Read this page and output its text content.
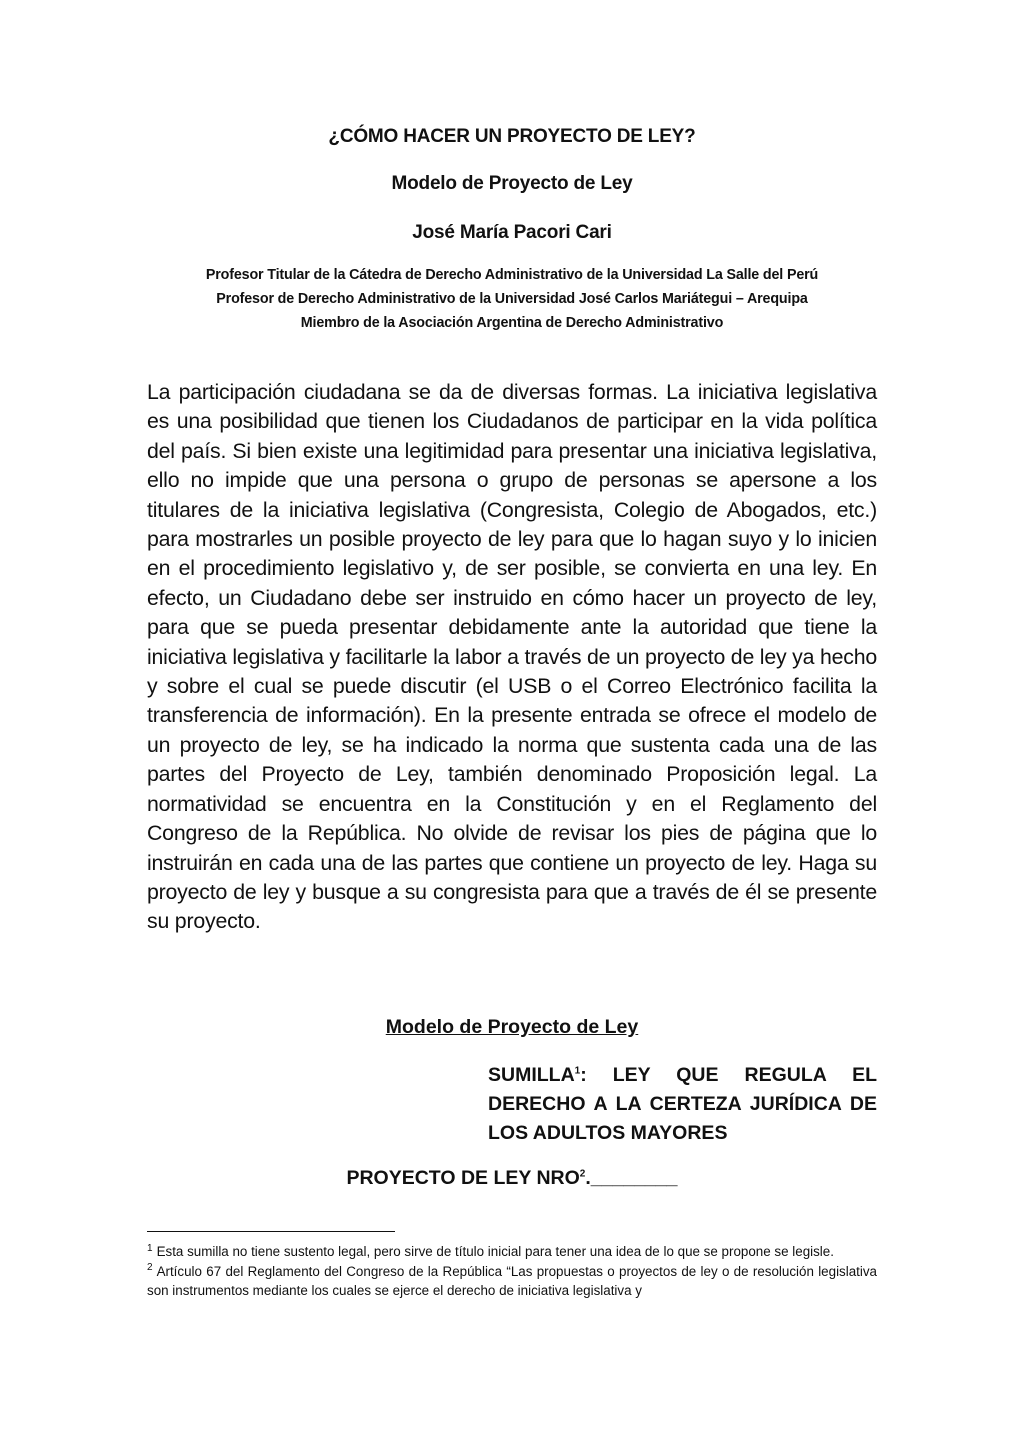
¿CÓMO HACER UN PROYECTO DE LEY?
Modelo de Proyecto de Ley
José María Pacori Cari
Profesor Titular de la Cátedra de Derecho Administrativo de la Universidad La Salle del Perú
Profesor de Derecho Administrativo de la Universidad José Carlos Mariátegui – Arequipa
Miembro de la Asociación Argentina de Derecho Administrativo
La participación ciudadana se da de diversas formas. La iniciativa legislativa es una posibilidad que tienen los Ciudadanos de participar en la vida política del país. Si bien existe una legitimidad para presentar una iniciativa legislativa, ello no impide que una persona o grupo de personas se apersone a los titulares de la iniciativa legislativa (Congresista, Colegio de Abogados, etc.) para mostrarles un posible proyecto de ley para que lo hagan suyo y lo inicien en el procedimiento legislativo y, de ser posible, se convierta en una ley. En efecto, un Ciudadano debe ser instruido en cómo hacer un proyecto de ley, para que se pueda presentar debidamente ante la autoridad que tiene la iniciativa legislativa y facilitarle la labor a través de un proyecto de ley ya hecho y sobre el cual se puede discutir (el USB o el Correo Electrónico facilita la transferencia de información). En la presente entrada se ofrece el modelo de un proyecto de ley, se ha indicado la norma que sustenta cada una de las partes del Proyecto de Ley, también denominado Proposición legal. La normatividad se encuentra en la Constitución y en el Reglamento del Congreso de la República. No olvide de revisar los pies de página que lo instruirán en cada una de las partes que contiene un proyecto de ley. Haga su proyecto de ley y busque a su congresista para que a través de él se presente su proyecto.
Modelo de Proyecto de Ley
SUMILLA$^1$: LEY QUE REGULA EL DERECHO A LA CERTEZA JURÍDICA DE LOS ADULTOS MAYORES
PROYECTO DE LEY NRO$^2$.________

$^1$ Esta sumilla no tiene sustento legal, pero sirve de título inicial para tener una idea de lo que se propone se legisle.

$^2$ Artículo 67 del Reglamento del Congreso de la República “Las propuestas o proyectos de ley o de resolución legislativa son instrumentos mediante los cuales se ejerce el derecho de iniciativa legislativa y
